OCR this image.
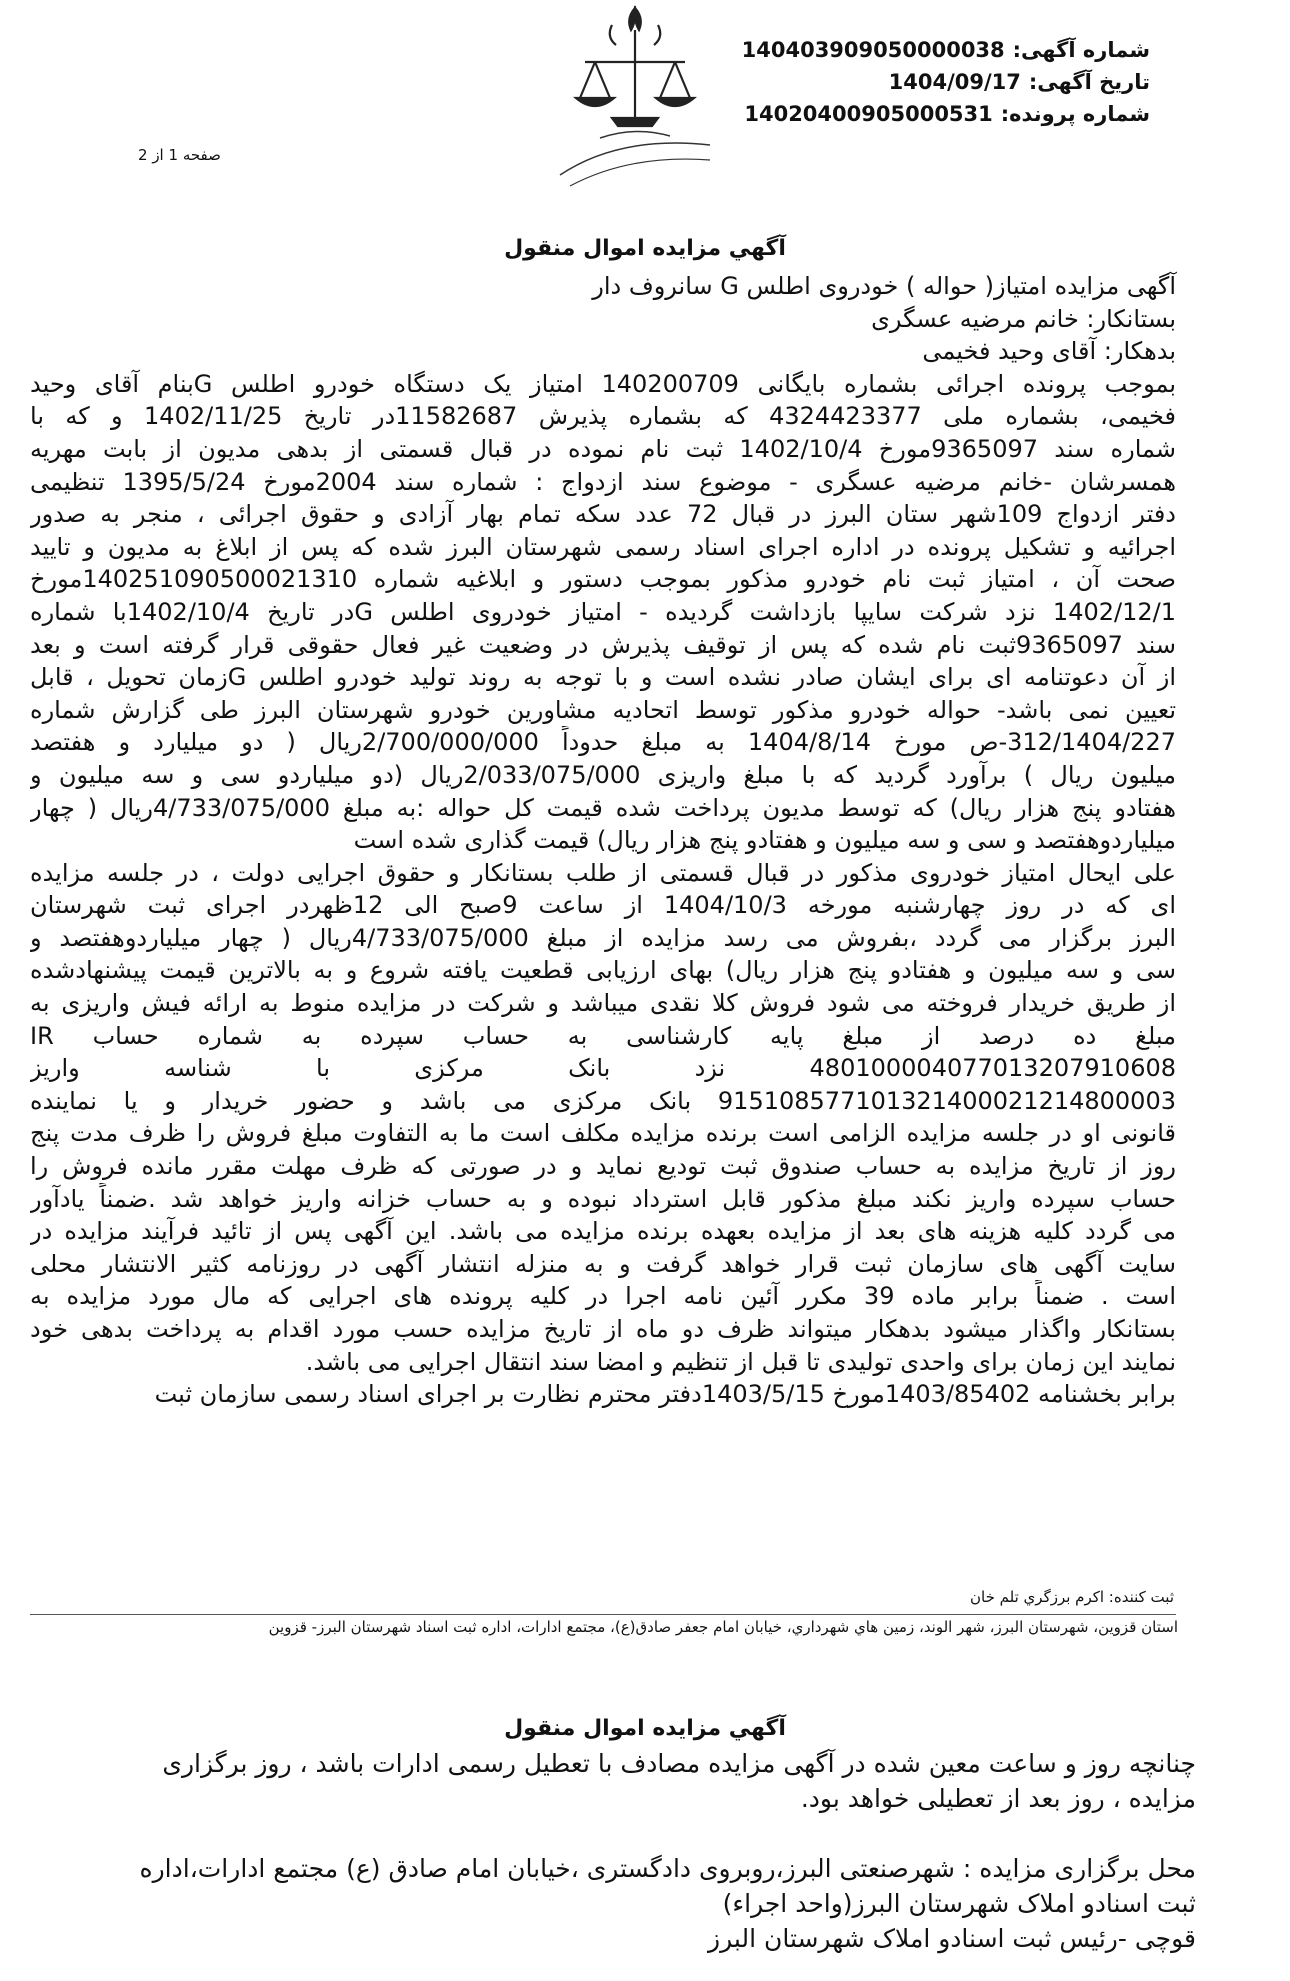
شماره آگهی:
140403909050000038
تاریخ آگهی:
1404/09/17
شماره پرونده:
14020400905000531
صفحه 1 از 2
آگهي مزايده اموال منقول
آگهی مزایده امتیاز( حواله ) خودروی اطلس G سانروف دار
بستانکار: خانم مرضیه عسگری
بدهکار: آقای وحید فخیمی
بموجب پرونده اجرائی بشماره بایگانی 140200709 امتیاز یک دستگاه خودرو اطلس Gبنام آقای وحید
فخیمی، بشماره ملی 4324423377 که بشماره پذیرش 11582687در تاریخ 1402/11/25 و که با
شماره سند 9365097مورخ 1402/10/4 ثبت نام نموده در قبال قسمتی از بدهی مدیون از بابت مهریه
همسرشان -خانم مرضیه عسگری - موضوع سند ازدواج : شماره سند 2004مورخ 1395/5/24 تنظیمی
دفتر ازدواج 109شهر ستان البرز در قبال 72 عدد سکه تمام بهار آزادی و حقوق اجرائی ، منجر به صدور
اجرائیه و تشکیل پرونده در اداره اجرای اسناد رسمی شهرستان البرز شده که پس از ابلاغ به مدیون و تایید
صحت آن ، امتیاز ثبت نام خودرو مذکور بموجب دستور و ابلاغیه شماره 140251090500021310مورخ
1402/12/1 نزد شرکت سایپا بازداشت گردیده - امتیاز خودروی اطلس Gدر تاریخ 1402/10/4با شماره
سند 9365097ثبت نام شده که پس از توقیف پذیرش در وضعیت غیر فعال حقوقی قرار گرفته است و بعد
از آن دعوتنامه ای برای ایشان صادر نشده است و با توجه به روند تولید خودرو اطلس Gزمان تحویل ، قابل
تعیین نمی باشد- حواله خودرو مذکور توسط اتحادیه مشاورین خودرو شهرستان البرز طی گزارش شماره
312/1404/227-ص مورخ 1404/8/14 به مبلغ حدوداً 2/700/000/000ریال ( دو میلیارد و هفتصد
میلیون ریال ) برآورد گردید که با مبلغ واریزی 2/033/075/000ریال (دو میلیاردو سی و سه میلیون و
هفتادو پنج هزار ریال) که توسط مدیون پرداخت شده قیمت کل حواله :به مبلغ 4/733/075/000ریال ( چهار
میلیاردوهفتصد و سی و سه میلیون و هفتادو پنج هزار ریال) قیمت گذاری شده است
علی ایحال امتیاز خودروی مذکور در قبال قسمتی از طلب بستانکار و حقوق اجرایی دولت ، در جلسه مزایده
ای که در روز چهارشنبه مورخه 1404/10/3 از ساعت 9صبح الی 12ظهردر اجرای ثبت شهرستان
البرز برگزار می گردد ،بفروش می رسد مزایده از مبلغ 4/733/075/000ریال ( چهار میلیاردوهفتصد و
سی و سه میلیون و هفتادو پنج هزار ریال) بهای ارزیابی قطعیت یافته شروع و به بالاترین قیمت پیشنهادشده
از طریق خریدار فروخته می شود فروش کلا نقدی میباشد و شرکت در مزایده منوط به ارائه فیش واریزی به
مبلغ ده درصد از مبلغ پایه کارشناسی به حساب سپرده به شماره حساب IR
480100004077013207910608 نزد بانک مرکزی با شناسه واریز
915108577101321400021214800003 بانک مرکزی می باشد و حضور خریدار و یا نماینده
قانونی او در جلسه مزایده الزامی است برنده مزایده مکلف است ما به التفاوت مبلغ فروش را ظرف مدت پنج
روز از تاریخ مزایده به حساب صندوق ثبت تودیع نماید و در صورتی که ظرف مهلت مقرر مانده فروش را
حساب سپرده واریز نکند مبلغ مذکور قابل استرداد نبوده و به حساب خزانه واریز خواهد شد .ضمناً یادآور
می گردد کلیه هزینه های بعد از مزایده بعهده برنده مزایده می باشد. این آگهی پس از تائید فرآیند مزایده در
سایت آگهی های سازمان ثبت قرار خواهد گرفت و به منزله انتشار آگهی در روزنامه کثیر الانتشار محلی
است . ضمناً برابر ماده 39 مکرر آئین نامه اجرا در کلیه پرونده های اجرایی که مال مورد مزایده به
بستانکار واگذار میشود بدهکار میتواند ظرف دو ماه از تاریخ مزایده حسب مورد اقدام به پرداخت بدهی خود
نمایند این زمان برای واحدی تولیدی تا قبل از تنظیم و امضا سند انتقال اجرایی می باشد.
برابر بخشنامه 1403/85402مورخ 1403/5/15دفتر محترم نظارت بر اجرای اسناد رسمی سازمان ثبت
ثبت کننده: اكرم برزگري تلم خان
استان قزوين، شهرستان البرز، شهر الوند، زمين هاي شهرداري، خيابان امام جعفر صادق(ع)، مجتمع ادارات، اداره ثبت اسناد شهرستان البرز- قزوين
آگهي مزايده اموال منقول
چنانچه روز و ساعت معین شده در آگهی مزایده مصادف با تعطیل رسمی ادارات باشد ، روز برگزاری
مزایده ، روز بعد از تعطیلی خواهد بود.
محل برگزاری مزایده : شهرصنعتی البرز،روبروی دادگستری ،خیابان امام صادق (ع) مجتمع ادارات،اداره
ثبت اسنادو املاک شهرستان البرز(واحد اجراء)
قوچی -رئیس ثبت اسنادو املاک شهرستان البرز
